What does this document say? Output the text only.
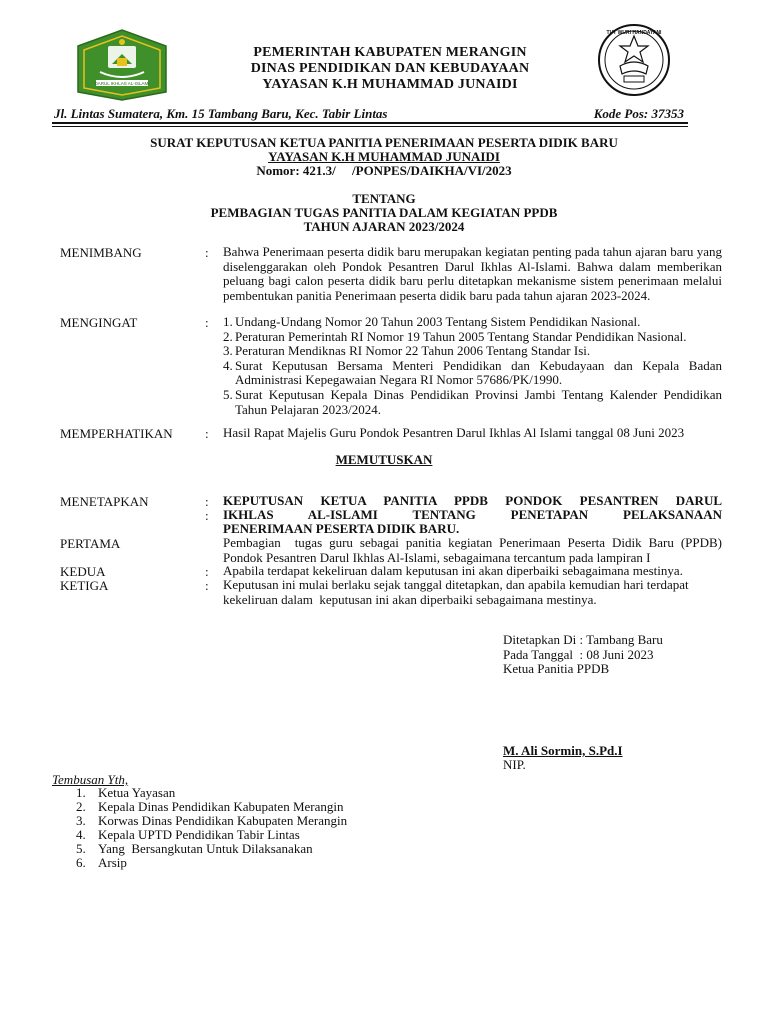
DARUL IKHLAS AL-ISLAMI
PEMERINTAH KABUPATEN MERANGIN
DINAS PENDIDIKAN DAN KEBUDAYAAN
YAYASAN K.H MUHAMMAD JUNAIDI
TUT WURI HANDAYANI
Jl. Lintas Sumatera, Km. 15 Tambang Baru, Kec. Tabir Lintas	Kode Pos: 37353
SURAT KEPUTUSAN KETUA PANITIA PENERIMAAN PESERTA DIDIK BARU
YAYASAN K.H MUHAMMAD JUNAIDI
Nomor: 421.3/     /PONPES/DAIKHA/VI/2023
TENTANG
PEMBAGIAN TUGAS PANITIA DALAM KEGIATAN PPDB
TAHUN AJARAN 2023/2024
MENIMBANG	: Bahwa Penerimaan peserta didik baru merupakan kegiatan penting pada tahun ajaran baru yang diselenggarakan oleh Pondok Pesantren Darul Ikhlas Al-Islami. Bahwa dalam memberikan peluang bagi calon peserta didik baru perlu ditetapkan mekanisme sistem penerimaan melalui pembentukan panitia Penerimaan peserta didik baru pada tahun ajaran 2023-2024.
MENGINGAT	: 1. Undang-Undang Nomor 20 Tahun 2003 Tentang Sistem Pendidikan Nasional.
2. Peraturan Pemerintah RI Nomor 19 Tahun 2005 Tentang Standar Pendidikan Nasional.
3. Peraturan Mendiknas RI Nomor 22 Tahun 2006 Tentang Standar Isi.
4. Surat Keputusan Bersama Menteri Pendidikan dan Kebudayaan dan Kepala Badan Administrasi Kepegawaian Negara RI Nomor 57686/PK/1990.
5. Surat Keputusan Kepala Dinas Pendidikan Provinsi Jambi Tentang Kalender Pendidikan Tahun Pelajaran 2023/2024.
MEMPERHATIKAN : Hasil Rapat Majelis Guru Pondok Pesantren Darul Ikhlas Al Islami tanggal 08 Juni 2023
MEMUTUSKAN
MENETAPKAN	:
:
KEPUTUSAN KETUA PANITIA PPDB PONDOK PESANTREN DARUL
IKHLAS AL-ISLAMI TENTANG PENETAPAN PELAKSANAAN
PENERIMAAN PESERTA DIDIK BARU.
PERTAMA	Pembagian  tugas guru sebagai panitia kegiatan Penerimaan Peserta Didik Baru (PPDB) Pondok Pesantren Darul Ikhlas Al-Islami, sebagaimana tercantum pada lampiran I
KEDUA	: Apabila terdapat kekeliruan dalam keputusan ini akan diperbaiki sebagaimana mestinya.
KETIGA	: Keputusan ini mulai berlaku sejak tanggal ditetapkan, dan apabila kemudian hari terdapat kekeliruan dalam  keputusan ini akan diperbaiki sebagaimana mestinya.
Ditetapkan Di : Tambang Baru
Pada Tanggal  : 08 Juni 2023
Ketua Panitia PPDB
M. Ali Sormin, S.Pd.I
NIP.
Tembusan Yth,
1. Ketua Yayasan
2. Kepala Dinas Pendidikan Kabupaten Merangin
3. Korwas Dinas Pendidikan Kabupaten Merangin
4. Kepala UPTD Pendidikan Tabir Lintas
5. Yang  Bersangkutan Untuk Dilaksanakan
6. Arsip
